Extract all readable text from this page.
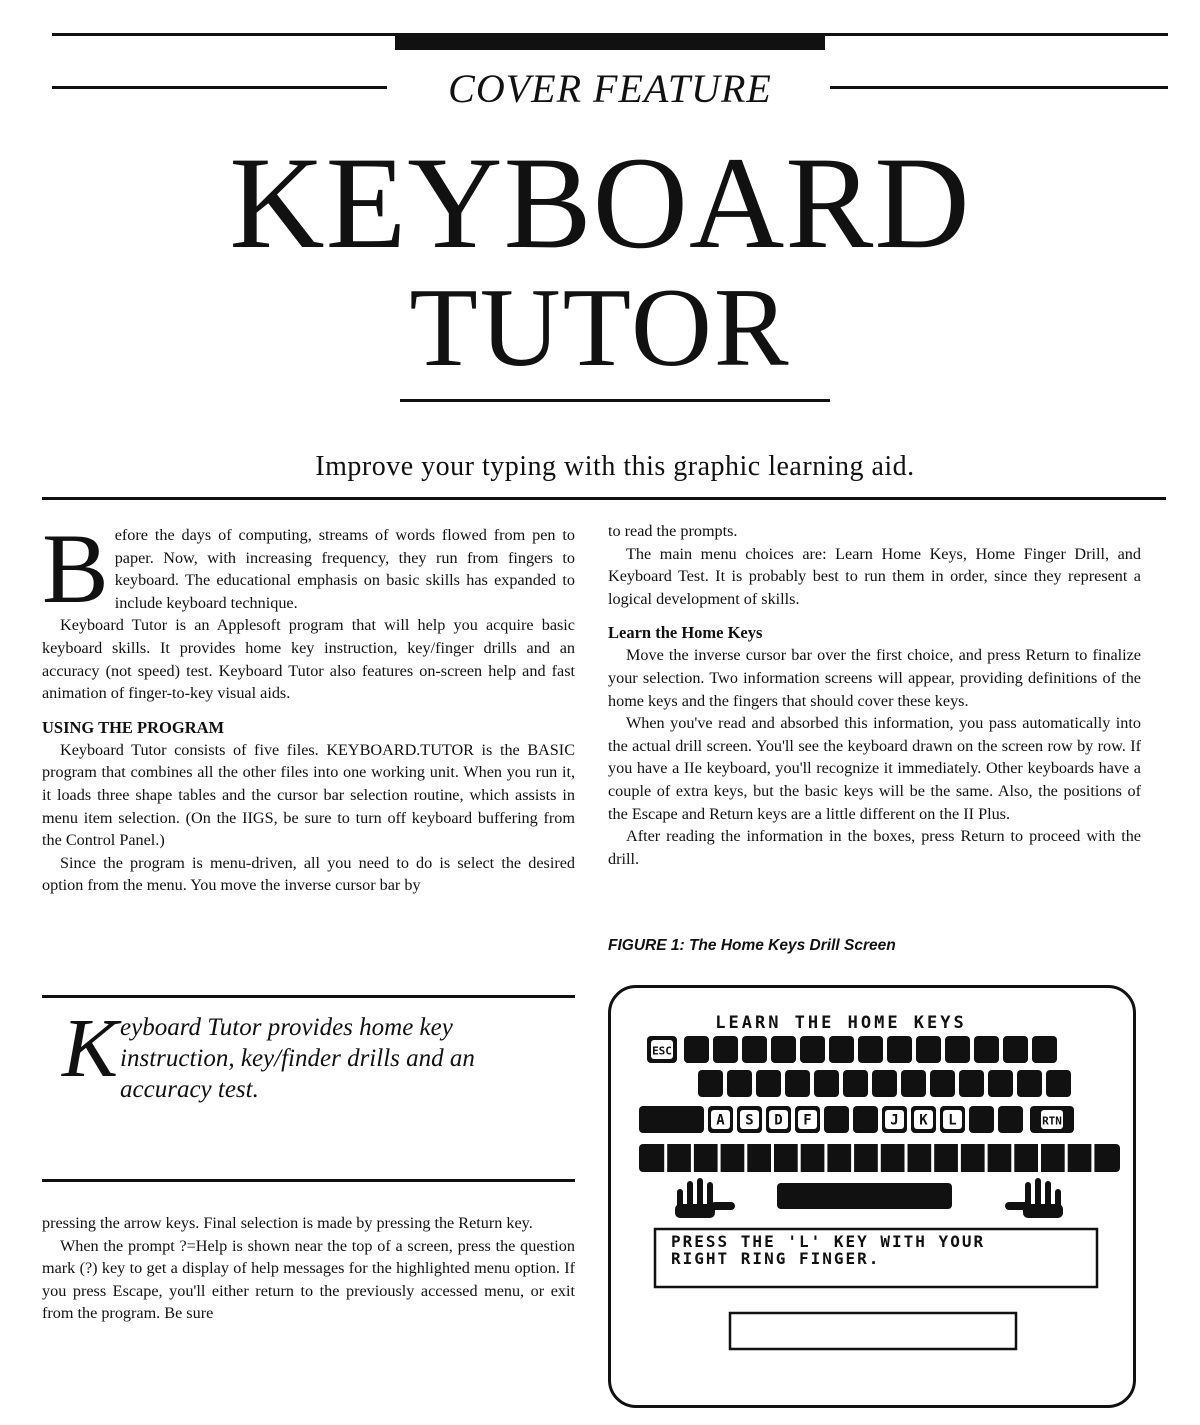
COVER FEATURE
KEYBOARD
TUTOR
Improve your typing with this graphic learning aid.

Before the days of computing, streams of words flowed from pen to paper. Now, with increasing frequency, they run from fingers to keyboard. The educational emphasis on basic skills has expanded to include keyboard technique.

Keyboard Tutor is an Applesoft program that will help you acquire basic keyboard skills. It provides home key instruction, key/finger drills and an accuracy (not speed) test. Keyboard Tutor also features on-screen help and fast animation of finger-to-key visual aids.

USING THE PROGRAM

Keyboard Tutor consists of five files. KEYBOARD.TUTOR is the BASIC program that combines all the other files into one working unit. When you run it, it loads three shape tables and the cursor bar selection routine, which assists in menu item selection. (On the IIGS, be sure to turn off keyboard buffering from the Control Panel.)

Since the program is menu-driven, all you need to do is select the desired option from the menu. You move the inverse cursor bar by

Keyboard Tutor provides home key instruction, key/finder drills and an accuracy test.

pressing the arrow keys. Final selection is made by pressing the Return key.

When the prompt ?=Help is shown near the top of a screen, press the question mark (?) key to get a display of help messages for the highlighted menu option. If you press Escape, you'll either return to the previously accessed menu, or exit from the program. Be sure

to read the prompts.

The main menu choices are: Learn Home Keys, Home Finger Drill, and Keyboard Test. It is probably best to run them in order, since they represent a logical development of skills.

Learn the Home Keys

Move the inverse cursor bar over the first choice, and press Return to finalize your selection. Two information screens will appear, providing definitions of the home keys and the fingers that should cover these keys.

When you've read and absorbed this information, you pass automatically into the actual drill screen. You'll see the keyboard drawn on the screen row by row. If you have a IIe keyboard, you'll recognize it immediately. Other keyboards have a couple of extra keys, but the basic keys will be the same. Also, the positions of the Escape and Return keys are a little different on the II Plus.

After reading the information in the boxes, press Return to proceed with the drill.

FIGURE 1: The Home Keys Drill Screen
LEARN THE HOME KEYS
ESC
A S D F	J K L	RTN
PRESS THE 'L' KEY WITH YOUR
RIGHT RING FINGER.
